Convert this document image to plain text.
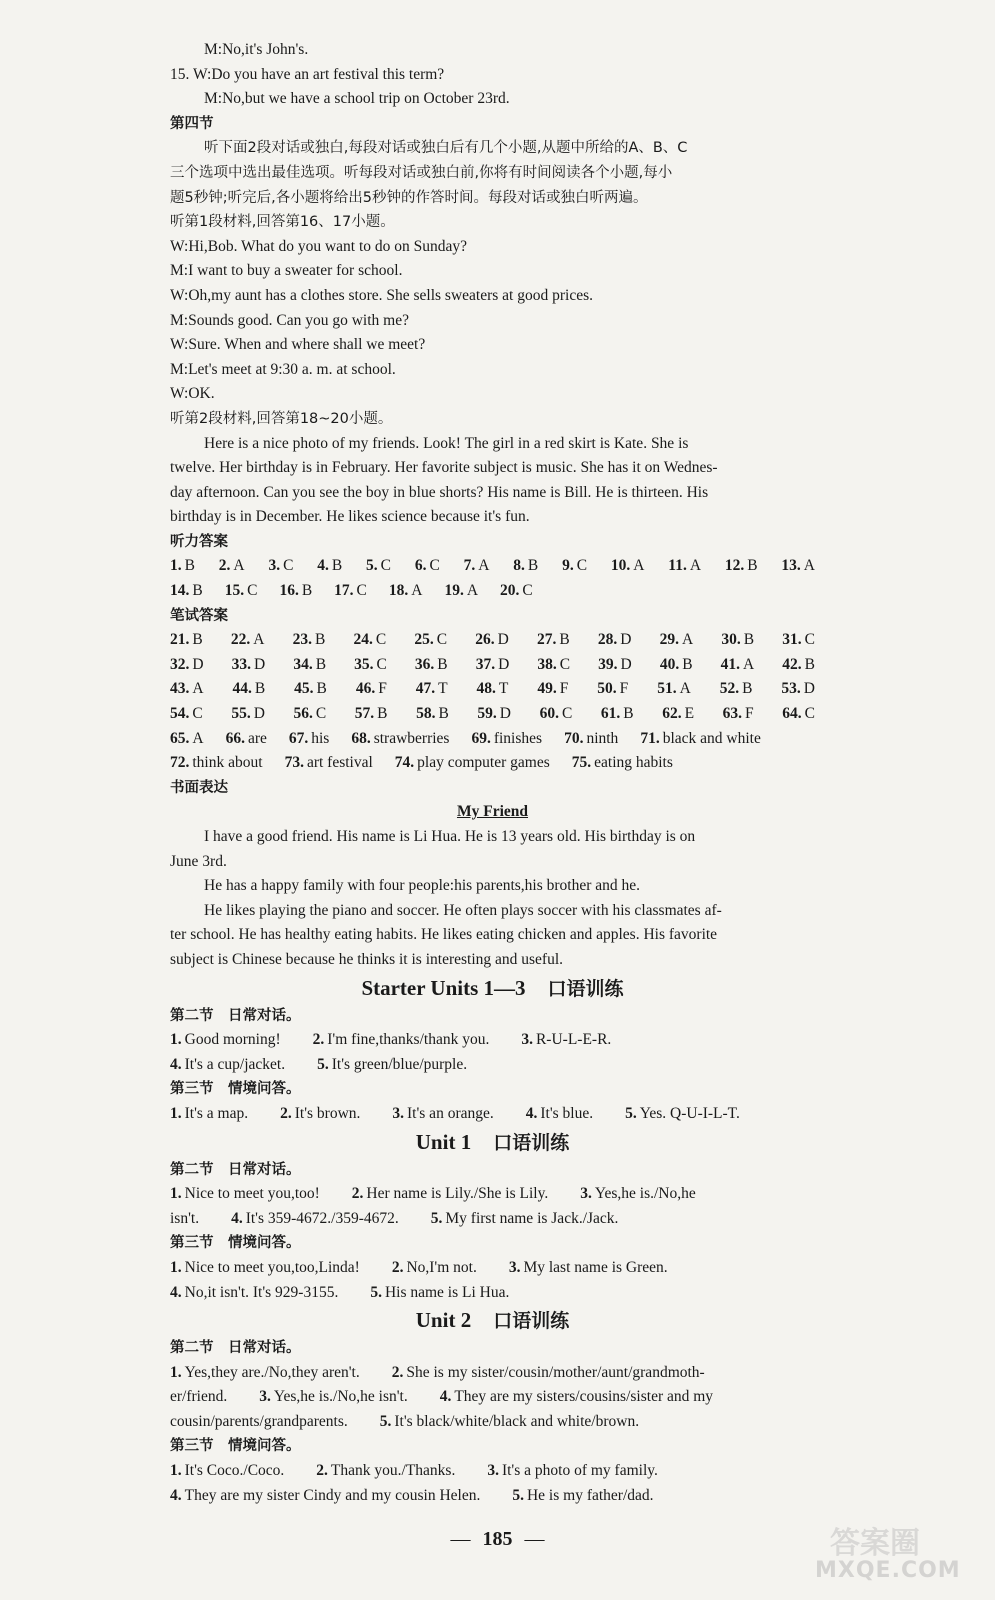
M:No,it's John's.
15. W:Do you have an art festival this term?
M:No,but we have a school trip on October 23rd.
第四节
听下面2段对话或独白,每段对话或独白后有几个小题,从题中所给的A、B、C
三个选项中选出最佳选项。听每段对话或独白前,你将有时间阅读各个小题,每小
题5秒钟;听完后,各小题将给出5秒钟的作答时间。每段对话或独白听两遍。
听第1段材料,回答第16、17小题。
W:Hi,Bob. What do you want to do on Sunday?
M:I want to buy a sweater for school.
W:Oh,my aunt has a clothes store. She sells sweaters at good prices.
M:Sounds good. Can you go with me?
W:Sure. When and where shall we meet?
M:Let's meet at 9:30 a. m. at school.
W:OK.
听第2段材料,回答第18~20小题。
Here is a nice photo of my friends. Look! The girl in a red skirt is Kate. She is
twelve. Her birthday is in February. Her favorite subject is music. She has it on Wednes-
day afternoon. Can you see the boy in blue shorts? His name is Bill. He is thirteen. His
birthday is in December. He likes science because it's fun.
听力答案
1. B 2. A 3. C 4. B 5. C 6. C 7. A 8. B 9. C 10. A 11. A 12. B 13. A
14. B 15. C 16. B 17. C 18. A 19. A 20. C
笔试答案
21. B 22. A 23. B 24. C 25. C 26. D 27. B 28. D 29. A 30. B 31. C
32. D 33. D 34. B 35. C 36. B 37. D 38. C 39. D 40. B 41. A 42. B
43. A 44. B 45. B 46. F 47. T 48. T 49. F 50. F 51. A 52. B 53. D
54. C 55. D 56. C 57. B 58. B 59. D 60. C 61. B 62. E 63. F 64. C
65. A 66. are 67. his 68. strawberries 69. finishes 70. ninth 71. black and white
72. think about 73. art festival 74. play computer games 75. eating habits
书面表达
My Friend
I have a good friend. His name is Li Hua. He is 13 years old. His birthday is on
June 3rd.
He has a happy family with four people:his parents,his brother and he.
He likes playing the piano and soccer. He often plays soccer with his classmates af-
ter school. He has healthy eating habits. He likes eating chicken and apples. His favorite
subject is Chinese because he thinks it is interesting and useful.
Starter Units 1—3 口语训练
第二节　日常对话。
1. Good morning! 2. I'm fine,thanks/thank you. 3. R-U-L-E-R.
4. It's a cup/jacket. 5. It's green/blue/purple.
第三节　情境问答。
1. It's a map. 2. It's brown. 3. It's an orange. 4. It's blue. 5. Yes. Q-U-I-L-T.
Unit 1 口语训练
第二节　日常对话。
1. Nice to meet you,too! 2. Her name is Lily./She is Lily. 3. Yes,he is./No,he
isn't. 4. It's 359-4672./359-4672. 5. My first name is Jack./Jack.
第三节　情境问答。
1. Nice to meet you,too,Linda! 2. No,I'm not. 3. My last name is Green.
4. No,it isn't. It's 929-3155. 5. His name is Li Hua.
Unit 2 口语训练
第二节　日常对话。
1. Yes,they are./No,they aren't. 2. She is my sister/cousin/mother/aunt/grandmoth-
er/friend. 3. Yes,he is./No,he isn't. 4. They are my sisters/cousins/sister and my
cousin/parents/grandparents. 5. It's black/white/black and white/brown.
第三节　情境问答。
1. It's Coco./Coco. 2. Thank you./Thanks. 3. It's a photo of my family.
4. They are my sister Cindy and my cousin Helen. 5. He is my father/dad.
— 185 —	答案圈
MXQE.COM
